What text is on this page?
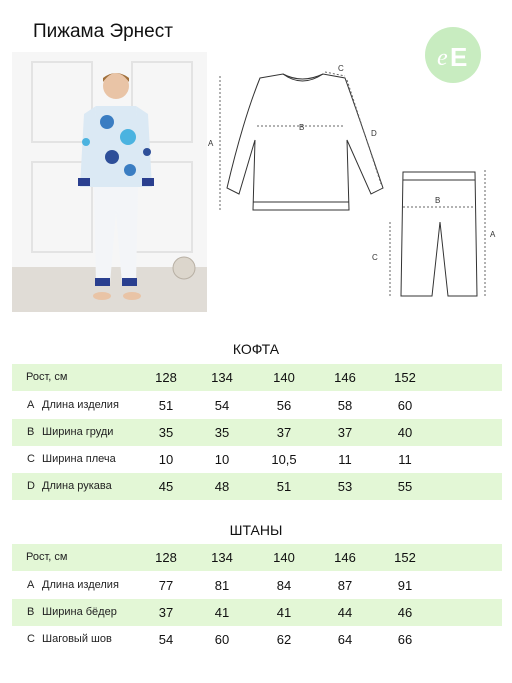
Пижама Эрнест
e E
A
B
C
D
A
B
C
КОФТА
Рост, см	128	134	140	146	152
A Длина изделия	51	54	56	58	60
B Ширина груди	35	35	37	37	40
C Ширина плеча	10	10	10,5	11	11
D Длина рукава	45	48	51	53	55
ШТАНЫ
Рост, см	128	134	140	146	152
A Длина изделия	77	81	84	87	91
B Ширина бёдер	37	41	41	44	46
C Шаговый шов	54	60	62	64	66
